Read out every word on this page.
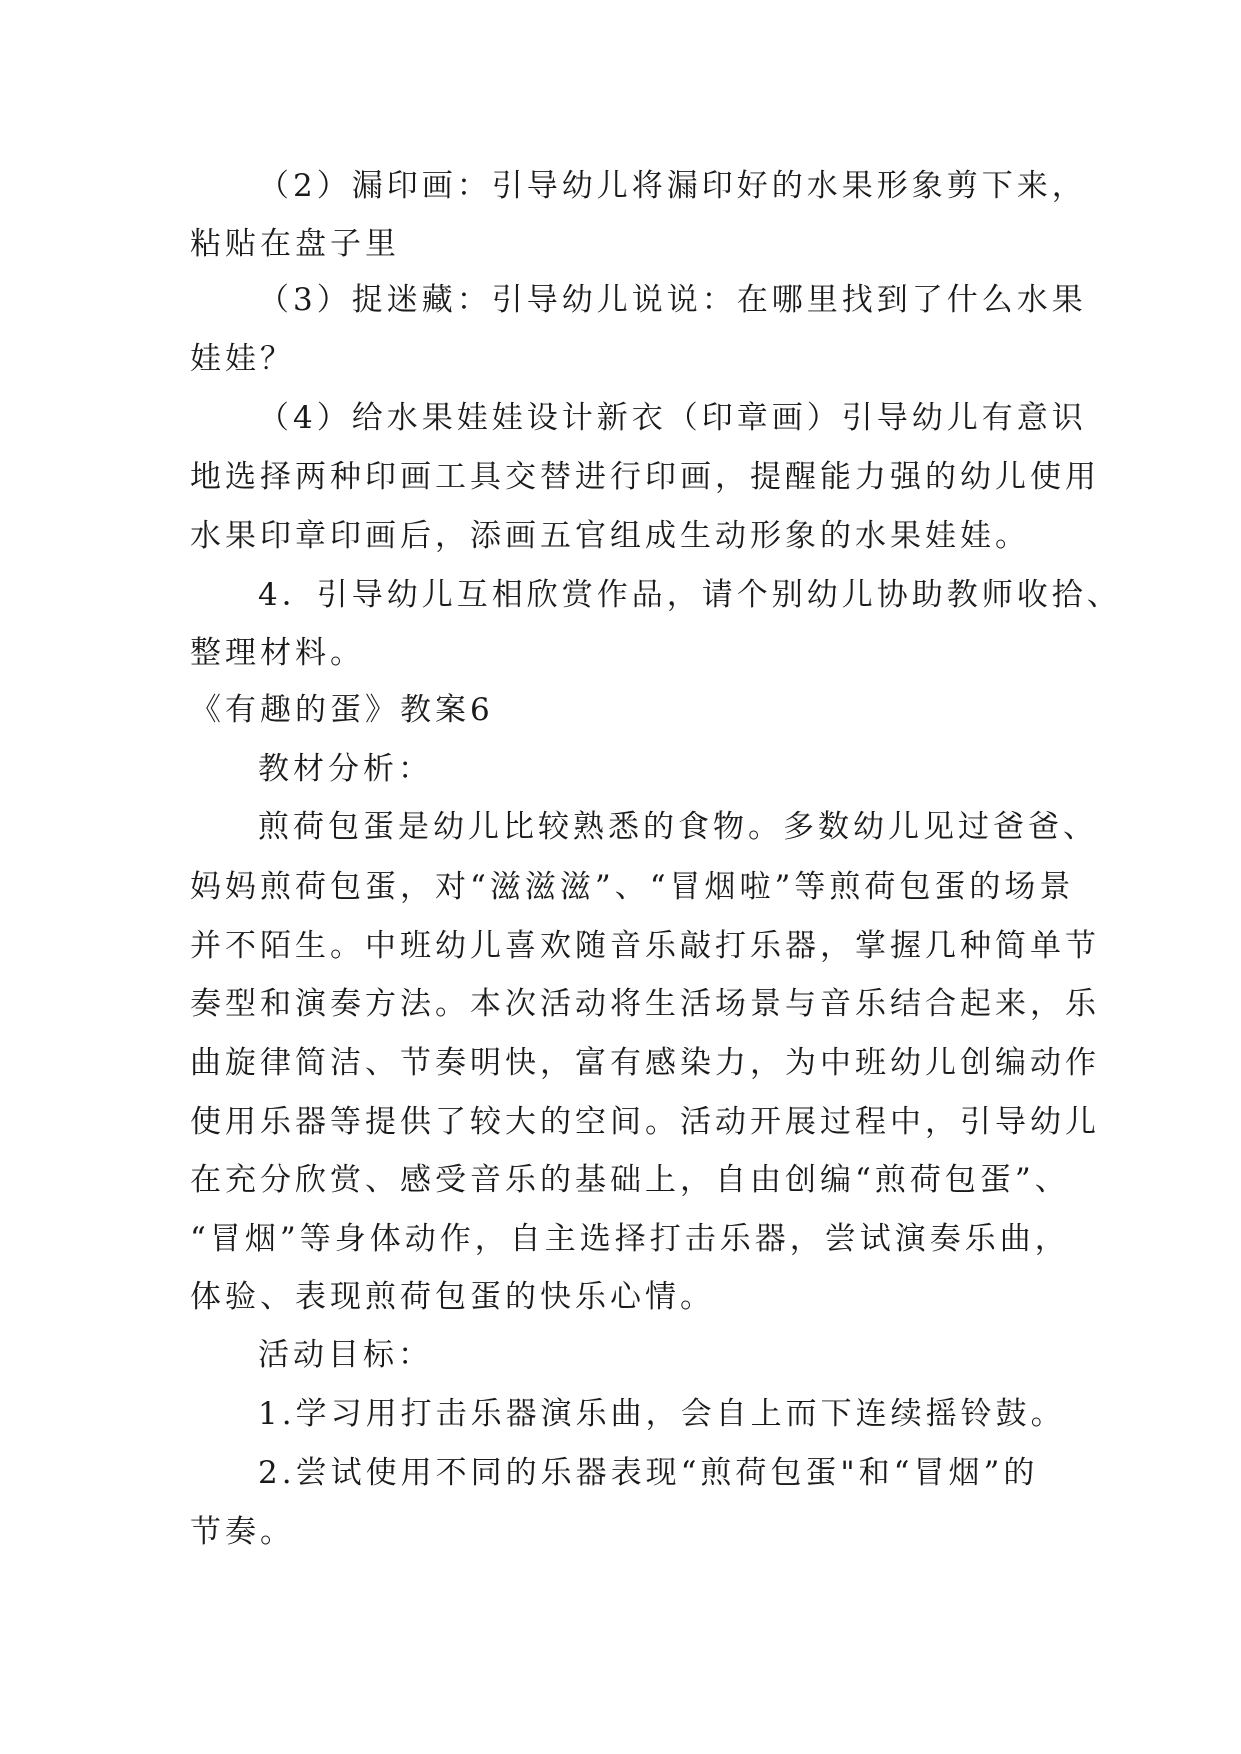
（2）漏印画：引导幼儿将漏印好的水果形象剪下来，

粘贴在盘子里

（3）捉迷藏：引导幼儿说说：在哪里找到了什么水果

娃娃？

（4）给水果娃娃设计新衣（印章画）引导幼儿有意识

地选择两种印画工具交替进行印画，提醒能力强的幼儿使用

水果印章印画后，添画五官组成生动形象的水果娃娃。

4．引导幼儿互相欣赏作品，请个别幼儿协助教师收拾、

整理材料。

《有趣的蛋》教案6

教材分析：

煎荷包蛋是幼儿比较熟悉的食物。多数幼儿见过爸爸、

妈妈煎荷包蛋，对“滋滋滋”、“冒烟啦”等煎荷包蛋的场景

并不陌生。中班幼儿喜欢随音乐敲打乐器，掌握几种简单节

奏型和演奏方法。本次活动将生活场景与音乐结合起来，乐

曲旋律简洁、节奏明快，富有感染力，为中班幼儿创编动作

使用乐器等提供了较大的空间。活动开展过程中，引导幼儿

在充分欣赏、感受音乐的基础上，自由创编“煎荷包蛋”、

“冒烟”等身体动作，自主选择打击乐器，尝试演奏乐曲，

体验、表现煎荷包蛋的快乐心情。

活动目标：

1.学习用打击乐器演乐曲，会自上而下连续摇铃鼓。

2.尝试使用不同的乐器表现“煎荷包蛋"和“冒烟”的

节奏。
